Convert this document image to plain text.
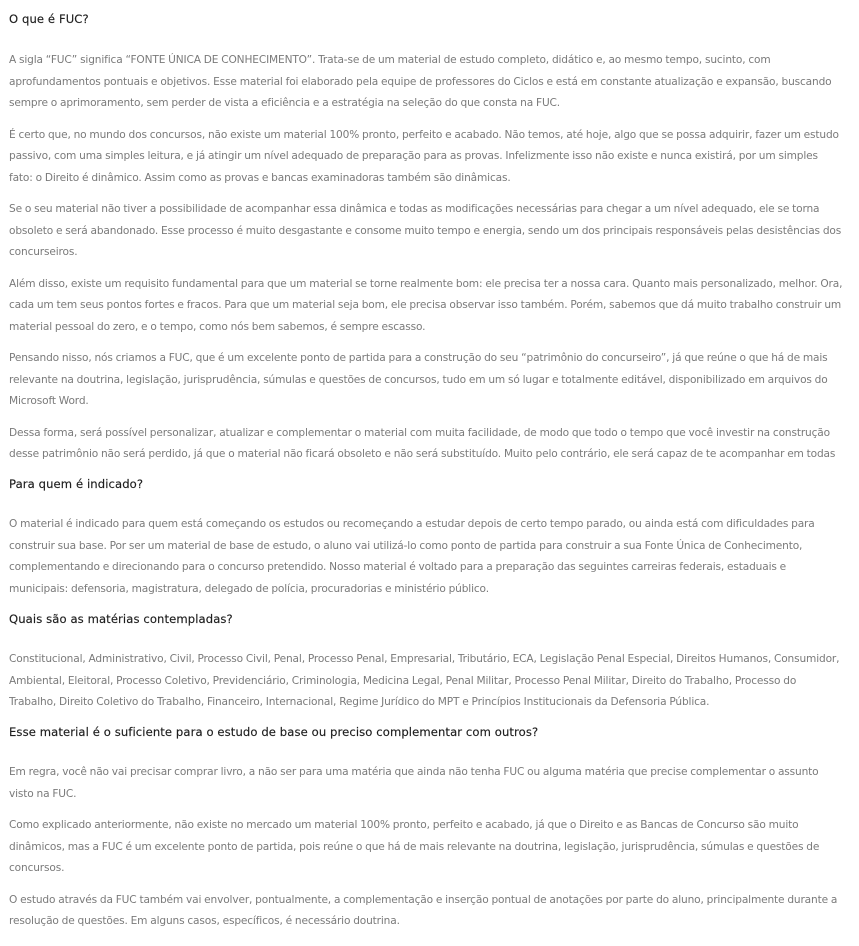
O que é FUC?

A sigla “FUC” significa “FONTE ÚNICA DE CONHECIMENTO”. Trata-se de um material de estudo completo, didático e, ao mesmo tempo, sucinto, com aprofundamentos pontuais e objetivos. Esse material foi elaborado pela equipe de professores do Ciclos e está em constante atualização e expansão, buscando sempre o aprimoramento, sem perder de vista a eficiência e a estratégia na seleção do que consta na FUC.

É certo que, no mundo dos concursos, não existe um material 100% pronto, perfeito e acabado. Não temos, até hoje, algo que se possa adquirir, fazer um estudo passivo, com uma simples leitura, e já atingir um nível adequado de preparação para as provas. Infelizmente isso não existe e nunca existirá, por um simples fato: o Direito é dinâmico. Assim como as provas e bancas examinadoras também são dinâmicas.

Se o seu material não tiver a possibilidade de acompanhar essa dinâmica e todas as modificações necessárias para chegar a um nível adequado, ele se torna obsoleto e será abandonado. Esse processo é muito desgastante e consome muito tempo e energia, sendo um dos principais responsáveis pelas desistências dos concurseiros.

Além disso, existe um requisito fundamental para que um material se torne realmente bom: ele precisa ter a nossa cara. Quanto mais personalizado, melhor. Ora, cada um tem seus pontos fortes e fracos. Para que um material seja bom, ele precisa observar isso também. Porém, sabemos que dá muito trabalho construir um material pessoal do zero, e o tempo, como nós bem sabemos, é sempre escasso.

Pensando nisso, nós criamos a FUC, que é um excelente ponto de partida para a construção do seu “patrimônio do concurseiro”, já que reúne o que há de mais relevante na doutrina, legislação, jurisprudência, súmulas e questões de concursos, tudo em um só lugar e totalmente editável, disponibilizado em arquivos do Microsoft Word.

Dessa forma, será possível personalizar, atualizar e complementar o material com muita facilidade, de modo que todo o tempo que você investir na construção desse patrimônio não será perdido, já que o material não ficará obsoleto e não será substituído. Muito pelo contrário, ele será capaz de te acompanhar em todas

Para quem é indicado?

O material é indicado para quem está começando os estudos ou recomeçando a estudar depois de certo tempo parado, ou ainda está com dificuldades para construir sua base. Por ser um material de base de estudo, o aluno vai utilizá-lo como ponto de partida para construir a sua Fonte Única de Conhecimento, complementando e direcionando para o concurso pretendido. Nosso material é voltado para a preparação das seguintes carreiras federais, estaduais e municipais: defensoria, magistratura, delegado de polícia, procuradorias e ministério público.

Quais são as matérias contempladas?

Constitucional, Administrativo, Civil, Processo Civil, Penal, Processo Penal, Empresarial, Tributário, ECA, Legislação Penal Especial, Direitos Humanos, Consumidor, Ambiental, Eleitoral, Processo Coletivo, Previdenciário, Criminologia, Medicina Legal, Penal Militar, Processo Penal Militar, Direito do Trabalho, Processo do Trabalho, Direito Coletivo do Trabalho, Financeiro, Internacional, Regime Jurídico do MPT e Princípios Institucionais da Defensoria Pública.

Esse material é o suficiente para o estudo de base ou preciso complementar com outros?

Em regra, você não vai precisar comprar livro, a não ser para uma matéria que ainda não tenha FUC ou alguma matéria que precise complementar o assunto visto na FUC.

Como explicado anteriormente, não existe no mercado um material 100% pronto, perfeito e acabado, já que o Direito e as Bancas de Concurso são muito dinâmicos, mas a FUC é um excelente ponto de partida, pois reúne o que há de mais relevante na doutrina, legislação, jurisprudência, súmulas e questões de concursos.

O estudo através da FUC também vai envolver, pontualmente, a complementação e inserção pontual de anotações por parte do aluno, principalmente durante a resolução de questões. Em alguns casos, específicos, é necessário doutrina.
